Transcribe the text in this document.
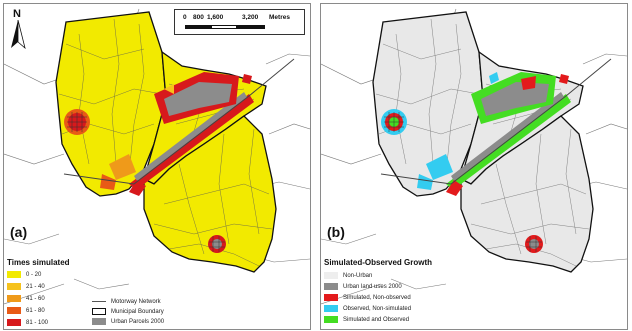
N	0 800 1,600	3,200 Metres
(a)
Times simulated
0 - 20
21 - 40
41 - 60
61 - 80
81 - 100
Motorway Network
Municipal Boundary
Urban Parcels 2000
(b)
Simulated-Observed Growth
Non-Urban
Urban land uses 2000
Simulated, Non-observed
Observed, Non-simulated
Simulated and Observed
